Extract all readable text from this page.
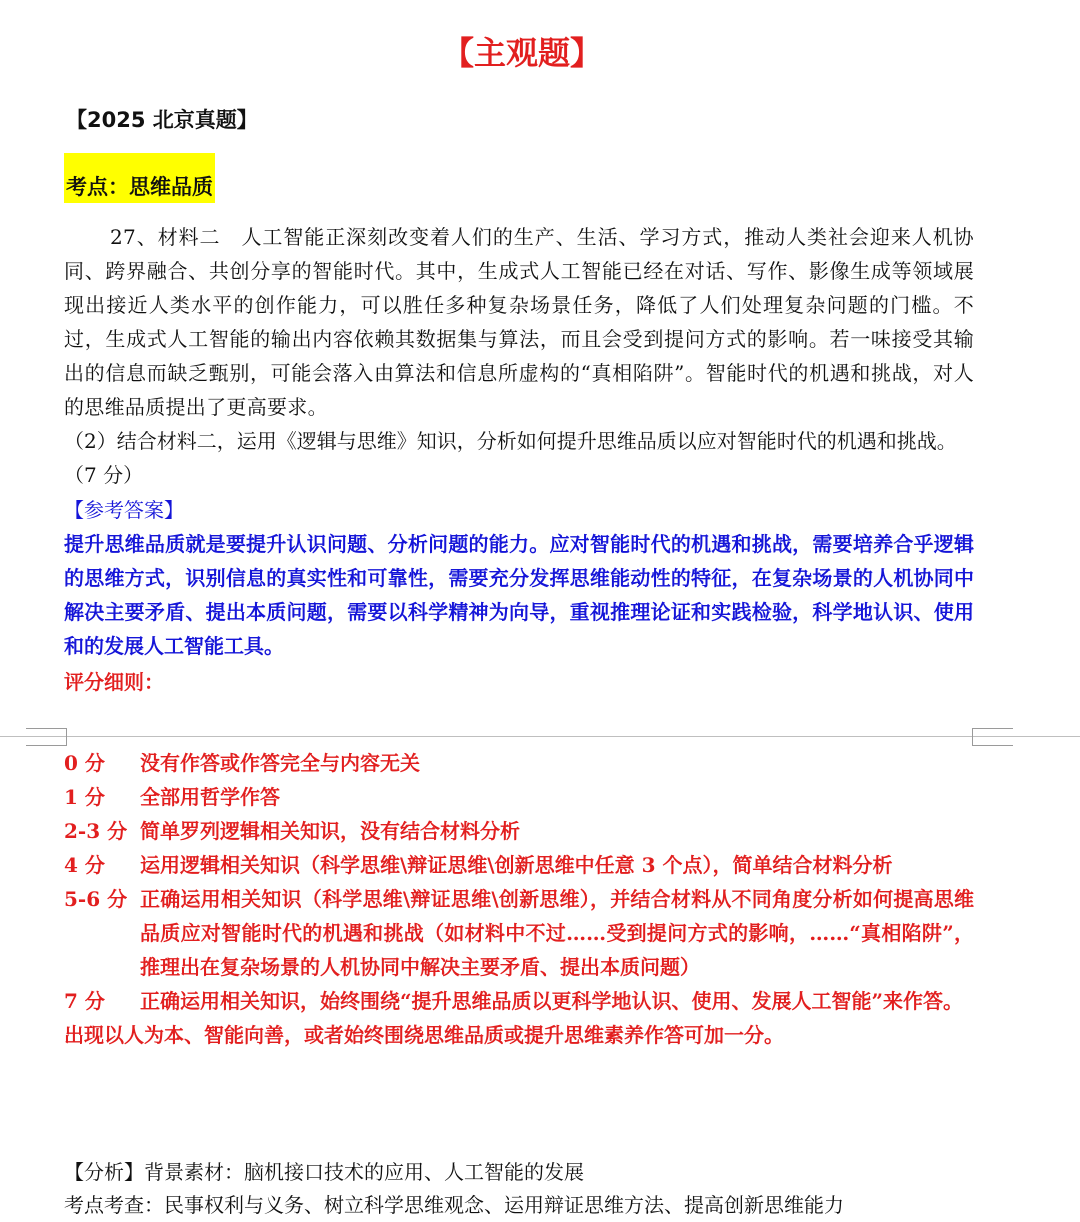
【主观题】
【2025 北京真题】
考点：思维品质
27、材料二　人工智能正深刻改变着人们的生产、生活、学习方式，推动人类社会迎来人机协同、跨界融合、共创分享的智能时代。其中，生成式人工智能已经在对话、写作、影像生成等领域展现出接近人类水平的创作能力，可以胜任多种复杂场景任务，降低了人们处理复杂问题的门槛。不过，生成式人工智能的输出内容依赖其数据集与算法，而且会受到提问方式的影响。若一味接受其输出的信息而缺乏甄别，可能会落入由算法和信息所虚构的“真相陷阱”。智能时代的机遇和挑战，对人的思维品质提出了更高要求。
（2）结合材料二，运用《逻辑与思维》知识，分析如何提升思维品质以应对智能时代的机遇和挑战。（7 分）
【参考答案】
提升思维品质就是要提升认识问题、分析问题的能力。应对智能时代的机遇和挑战，需要培养合乎逻辑的思维方式，识别信息的真实性和可靠性，需要充分发挥思维能动性的特征，在复杂场景的人机协同中解决主要矛盾、提出本质问题，需要以科学精神为向导，重视推理论证和实践检验，科学地认识、使用和的发展人工智能工具。
评分细则：
0 分	没有作答或作答完全与内容无关
1 分	全部用哲学作答
2-3 分 简单罗列逻辑相关知识，没有结合材料分析
4 分	运用逻辑相关知识（科学思维\辩证思维\创新思维中任意 3 个点），简单结合材料分析
5-6 分 正确运用相关知识（科学思维\辩证思维\创新思维），并结合材料从不同角度分析如何提高思维品质应对智能时代的机遇和挑战（如材料中不过……受到提问方式的影响，……“真相陷阱”，推理出在复杂场景的人机协同中解决主要矛盾、提出本质问题）
7 分	正确运用相关知识，始终围绕“提升思维品质以更科学地认识、使用、发展人工智能”来作答。
出现以人为本、智能向善，或者始终围绕思维品质或提升思维素养作答可加一分。
【分析】背景素材：脑机接口技术的应用、人工智能的发展
考点考查：民事权利与义务、树立科学思维观念、运用辩证思维方法、提高创新思维能力
